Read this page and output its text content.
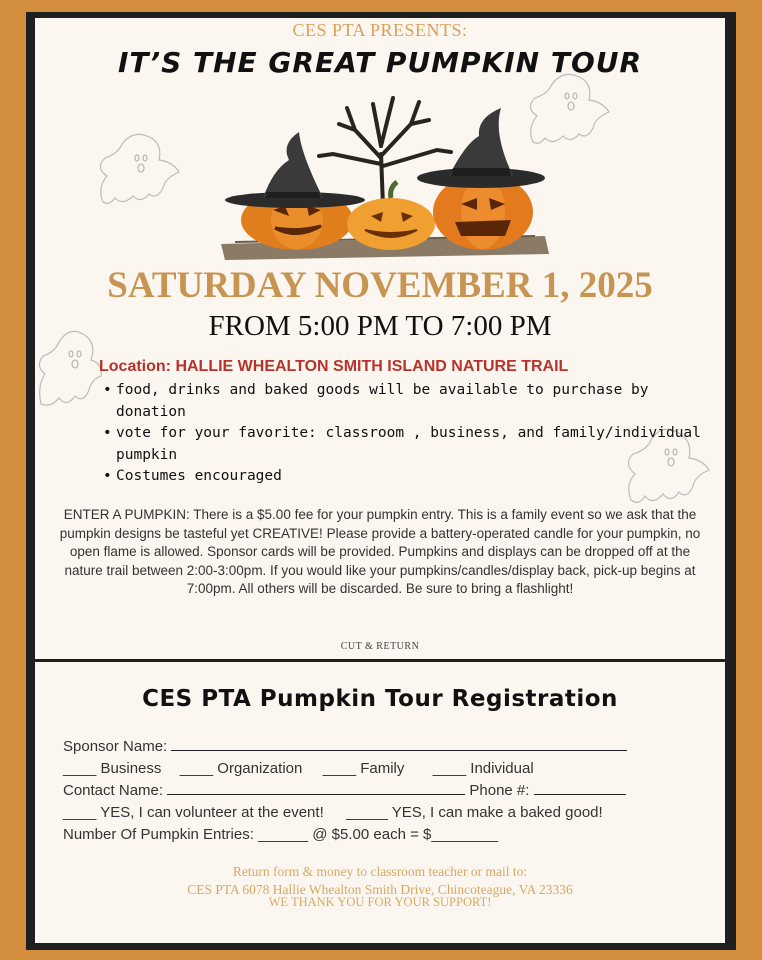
CES PTA PRESENTS:
IT’S THE GREAT PUMPKIN TOUR
SATURDAY NOVEMBER 1, 2025
FROM 5:00 PM TO 7:00 PM
Location: HALLIE WHEALTON SMITH ISLAND NATURE TRAIL
• food, drinks and baked goods will be available to purchase by donation
• vote for your favorite: classroom , business, and family/individual pumpkin
• Costumes encouraged
ENTER A PUMPKIN: There is a $5.00 fee for your pumpkin entry. This is a family event so we ask that the pumpkin designs be tasteful yet CREATIVE! Please provide a battery-operated candle for your pumpkin, no open flame is allowed. Sponsor cards will be provided. Pumpkins and displays can be dropped off at the nature trail between 2:00-3:00pm. If you would like your pumpkins/candles/display back, pick-up begins at 7:00pm. All others will be discarded. Be sure to bring a flashlight!
CUT & RETURN
CES PTA Pumpkin Tour Registration
Sponsor Name:
____ Business ____ Organization ____ Family ____ Individual
Contact Name:	Phone #:
____ YES, I can volunteer at the event! _____ YES, I can make a baked good!
Number Of Pumpkin Entries: ______ @ $5.00 each = $________
Return form & money to classroom teacher or mail to:
CES PTA 6078 Hallie Whealton Smith Drive, Chincoteague, VA 23336
WE THANK YOU FOR YOUR SUPPORT!
